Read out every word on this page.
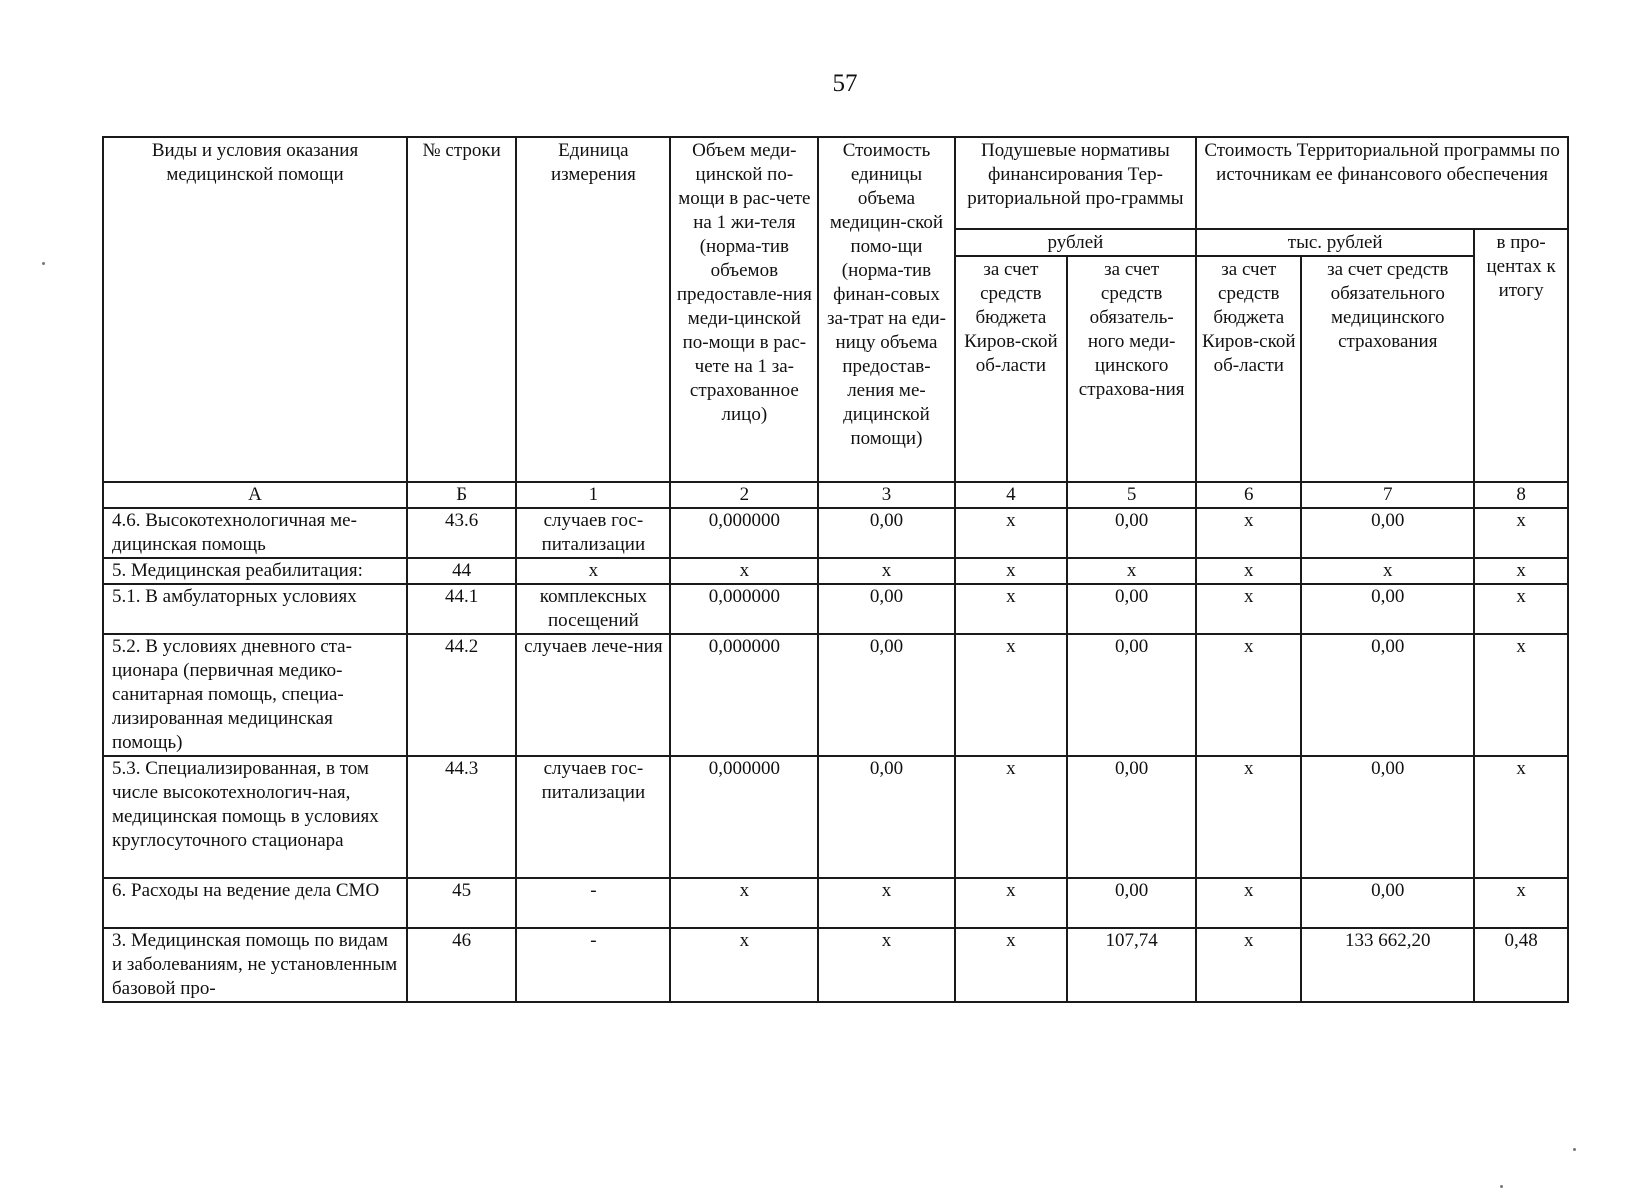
57
Виды и условия оказания медицинской помощи	№ строки	Единица измерения	Объем меди-цинской по-мощи в рас-чете на 1 жи-теля (норма-тив объемов предоставле-ния меди-цинской по-мощи в рас-чете на 1 за-страхованное лицо)	Стоимость единицы объема медицин-ской помо-щи (норма-тив финан-совых за-трат на еди-ницу объема предостав-ления ме-дицинской помощи)	Подушевые нормативы финансирования Тер-риториальной про-граммы		Стоимость Территориальной программы по источникам ее финансового обеспечения		
					рублей		тыс. рублей		в про-центах к итогу
					за счет средств бюджета Киров-ской об-ласти	за счет средств обязатель-ного меди-цинского страхова-ния	за счет средств бюджета Киров-ской об-ласти	за счет средств обязательного медицинского страхования	
А	Б	1	2	3	4	5	6	7	8
4.6. Высокотехнологичная ме-дицинская помощь	43.6	случаев гос-питализации	0,000000	0,00	х	0,00	х	0,00	х
5. Медицинская реабилитация:	44	х	х	х	х	х	х	х	х
5.1. В амбулаторных условиях	44.1	комплексных посещений	0,000000	0,00	х	0,00	х	0,00	х
5.2. В условиях дневного ста-ционара (первичная медико-санитарная помощь, специа-лизированная медицинская помощь)	44.2	случаев лече-ния	0,000000	0,00	х	0,00	х	0,00	х
5.3. Специализированная, в том числе высокотехнологич-ная, медицинская помощь в условиях круглосуточного стационара	44.3	случаев гос-питализации	0,000000	0,00	х	0,00	х	0,00	х
6. Расходы на ведение дела СМО	45	-	х	х	х	0,00	х	0,00	х
3. Медицинская помощь по видам и заболеваниям, не установленным базовой про-	46	-	х	х	х	107,74	х	133 662,20	0,48
